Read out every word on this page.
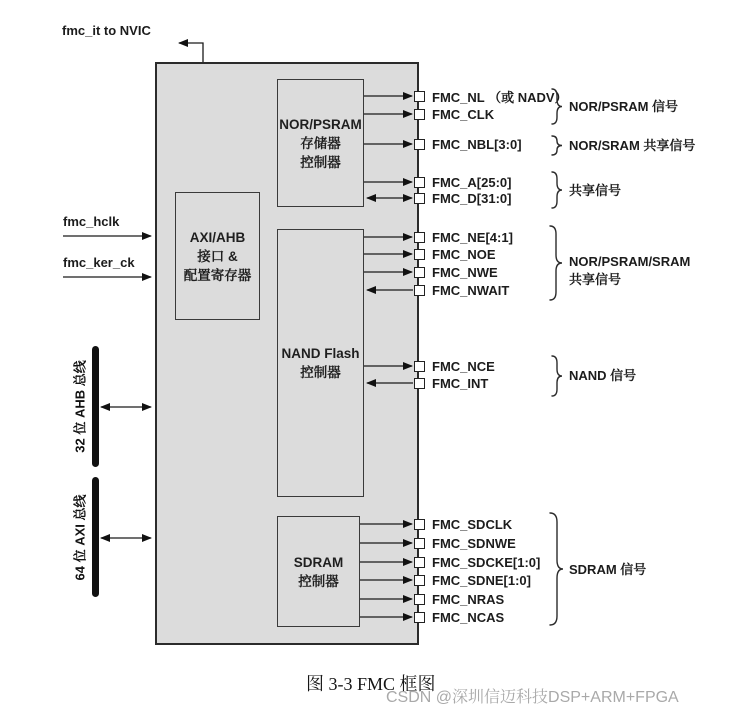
fmc_it to NVIC
fmc_hclk
fmc_ker_ck
32 位 AHB 总线
64 位 AXI 总线
AXI/AHB
接口 &
配置寄存器
NOR/PSRAM
存储器
控制器
NAND Flash
控制器
SDRAM
控制器
FMC_NL （或 NADV）
FMC_CLK
FMC_NBL[3:0]
FMC_A[25:0]
FMC_D[31:0]
FMC_NE[4:1]
FMC_NOE
FMC_NWE
FMC_NWAIT
FMC_NCE
FMC_INT
FMC_SDCLK
FMC_SDNWE
FMC_SDCKE[1:0]
FMC_SDNE[1:0]
FMC_NRAS
FMC_NCAS
NOR/PSRAM 信号
NOR/SRAM 共享信号
共享信号
NOR/PSRAM/SRAM
共享信号
NAND 信号
SDRAM 信号
图 3-3 FMC 框图
CSDN @深圳信迈科技DSP+ARM+FPGA
